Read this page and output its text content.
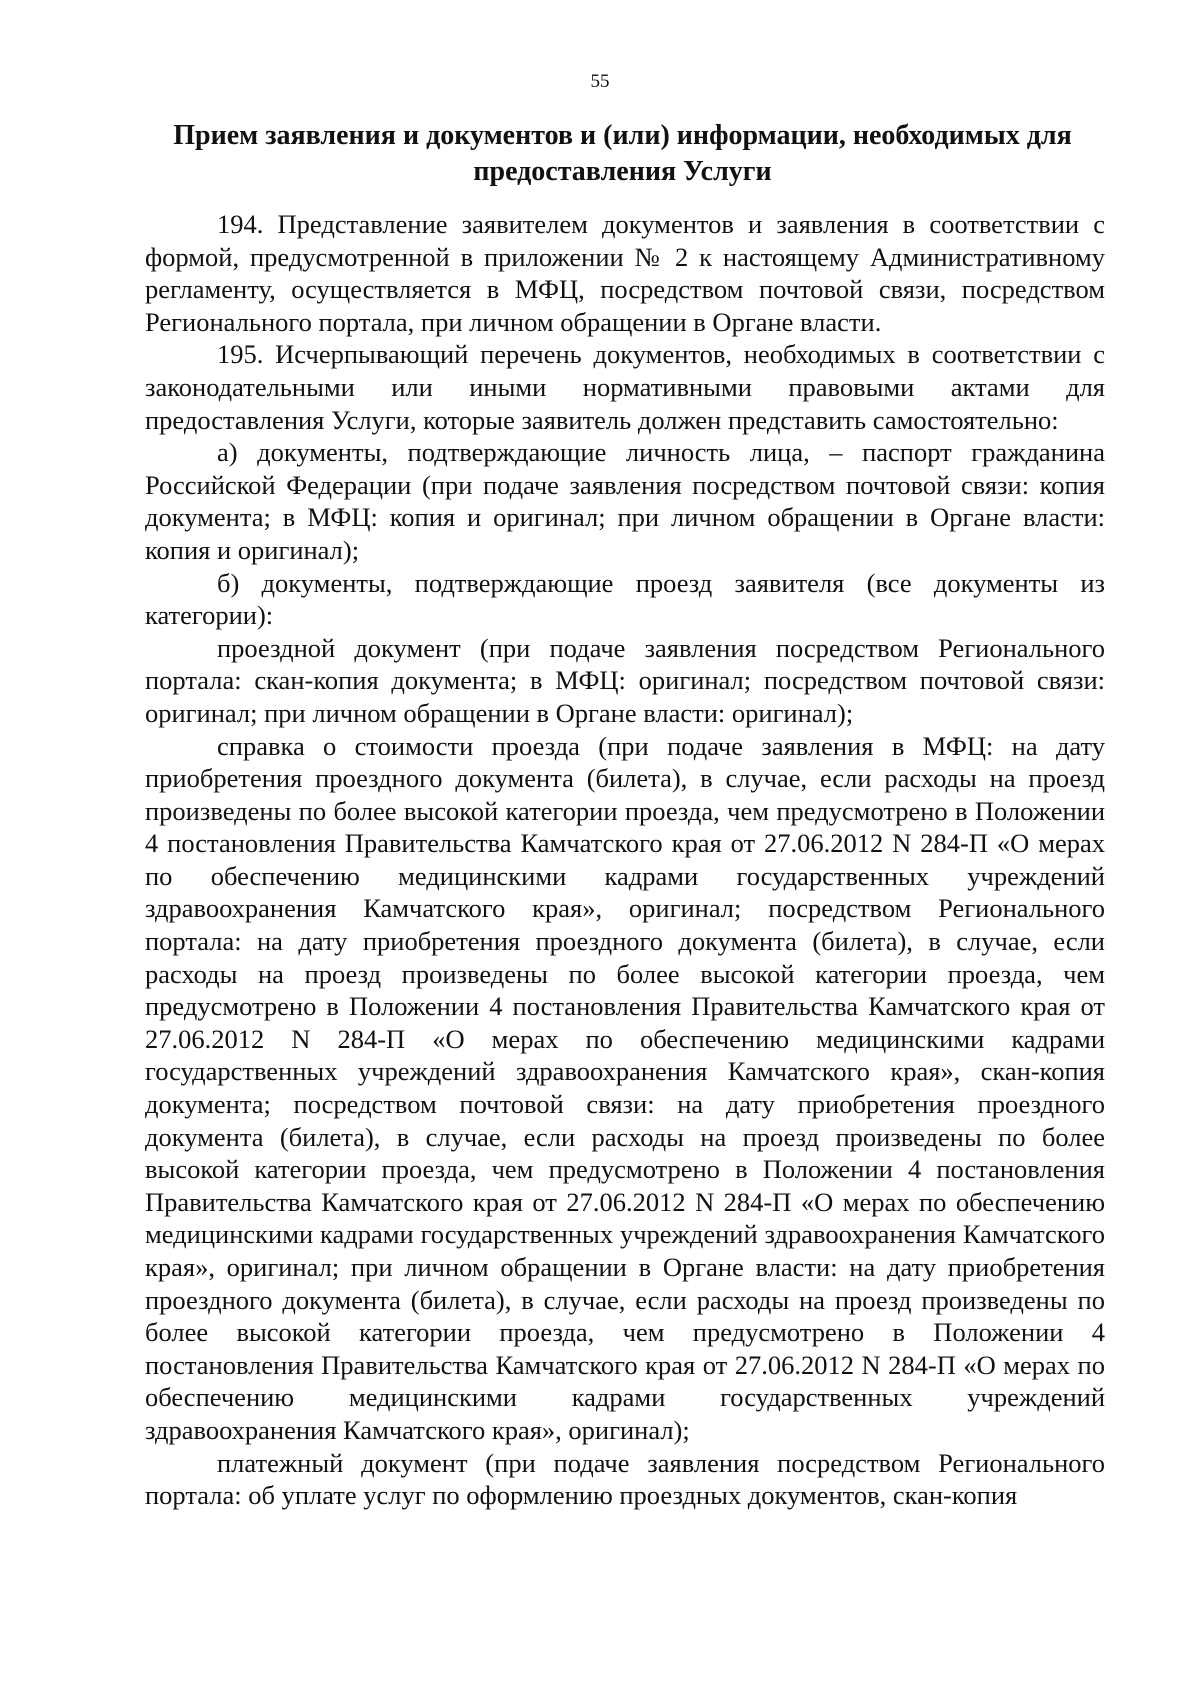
55
Прием заявления и документов и (или) информации, необходимых для предоставления Услуги

194. Представление заявителем документов и заявления в соответствии с формой, предусмотренной в приложении № 2 к настоящему Административному регламенту, осуществляется в МФЦ, посредством почтовой связи, посредством Регионального портала, при личном обращении в Органе власти.

195. Исчерпывающий перечень документов, необходимых в соответствии с законодательными или иными нормативными правовыми актами для предоставления Услуги, которые заявитель должен представить самостоятельно:

а) документы, подтверждающие личность лица, – паспорт гражданина Российской Федерации (при подаче заявления посредством почтовой связи: копия документа; в МФЦ: копия и оригинал; при личном обращении в Органе власти: копия и оригинал);

б) документы, подтверждающие проезд заявителя (все документы из категории):

проездной документ (при подаче заявления посредством Регионального портала: скан-копия документа; в МФЦ: оригинал; посредством почтовой связи: оригинал; при личном обращении в Органе власти: оригинал);

справка о стоимости проезда (при подаче заявления в МФЦ: на дату приобретения проездного документа (билета), в случае, если расходы на проезд произведены по более высокой категории проезда, чем предусмотрено в Положении 4 постановления Правительства Камчатского края от 27.06.2012 N 284-П «О мерах по обеспечению медицинскими кадрами государственных учреждений здравоохранения Камчатского края», оригинал; посредством Регионального портала: на дату приобретения проездного документа (билета), в случае, если расходы на проезд произведены по более высокой категории проезда, чем предусмотрено в Положении 4 постановления Правительства Камчатского края от 27.06.2012 N 284-П «О мерах по обеспечению медицинскими кадрами государственных учреждений здравоохранения Камчатского края», скан-копия документа; посредством почтовой связи: на дату приобретения проездного документа (билета), в случае, если расходы на проезд произведены по более высокой категории проезда, чем предусмотрено в Положении 4 постановления Правительства Камчатского края от 27.06.2012 N 284-П «О мерах по обеспечению медицинскими кадрами государственных учреждений здравоохранения Камчатского края», оригинал; при личном обращении в Органе власти: на дату приобретения проездного документа (билета), в случае, если расходы на проезд произведены по более высокой категории проезда, чем предусмотрено в Положении 4 постановления Правительства Камчатского края от 27.06.2012 N 284-П «О мерах по обеспечению медицинскими кадрами государственных учреждений здравоохранения Камчатского края», оригинал);

платежный документ (при подаче заявления посредством Регионального портала: об уплате услуг по оформлению проездных документов, скан-копия
